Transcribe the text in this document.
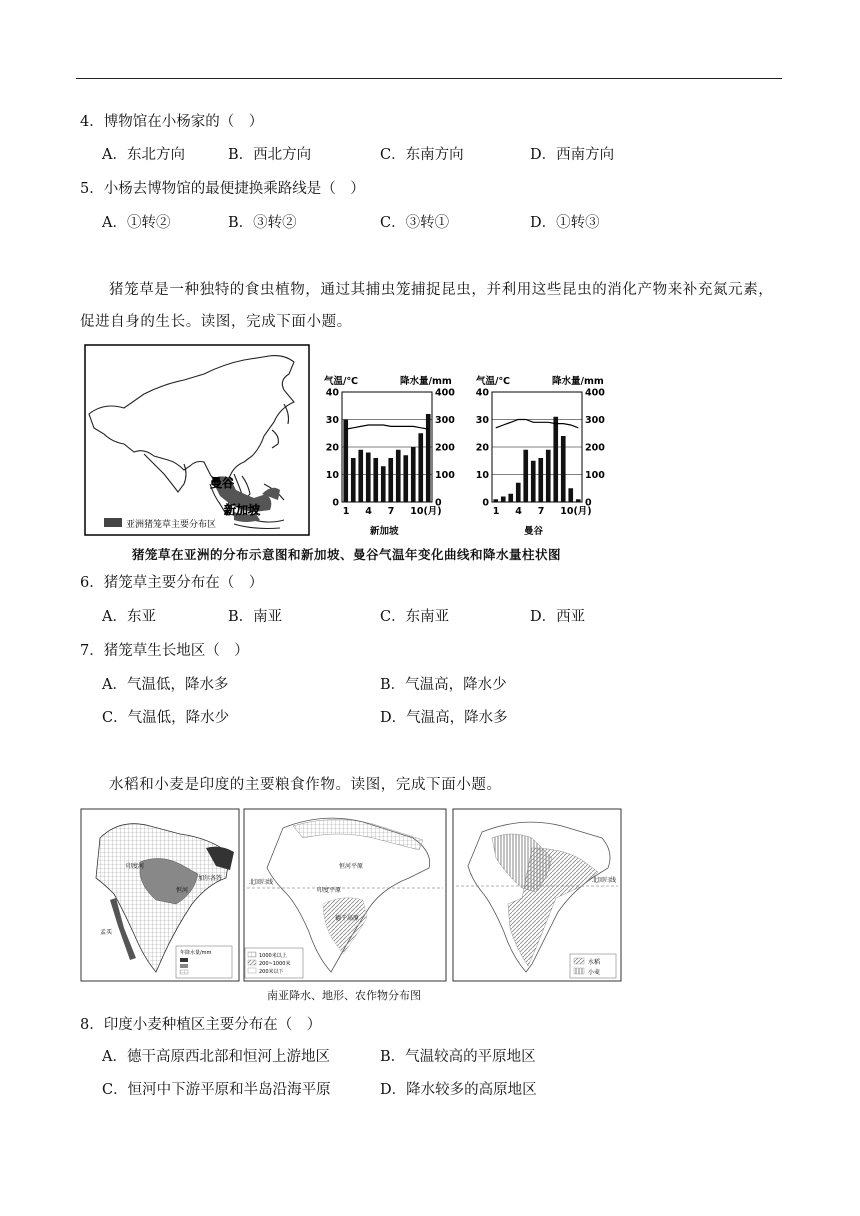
4．博物馆在小杨家的（　）
A．东北方向	B．西北方向	C．东南方向	D．西南方向
5．小杨去博物馆的最便捷换乘路线是（　）
A．①转②	B．③转②	C．③转①	D．①转③
猪笼草是一种独特的食虫植物，通过其捕虫笼捕捉昆虫，并利用这些昆虫的消化产物来补充氮元素，促进自身的生长。读图，完成下面小题。
曼谷
新加坡
亚洲猪笼草主要分布区
气温/℃	降水量/mm
40	400
30	300
20	200
10	100
0	0
1 4 7 10(月)
新加坡
气温/℃	降水量/mm
40	400
30	300
20	200
10	100
0	0
1 4 7 10(月)
曼谷
猪笼草在亚洲的分布示意图和新加坡、曼谷气温年变化曲线和降水量柱状图
6．猪笼草主要分布在（　）
A．东亚	B．南亚	C．东南亚	D．西亚
7．猪笼草生长地区（　）
A．气温低，降水多	B．气温高，降水少
C．气温低，降水少	D．气温高，降水多
水稻和小麦是印度的主要粮食作物。读图，完成下面小题。
印度河
恒河
孟买
加尔各答
年降水量/mm
北回归线
恒河平原
印度平原
德干高原
1000米以上
200~1000米
200米以下
北回归线
水稻
小麦
南亚降水、地形、农作物分布图
8．印度小麦种植区主要分布在（　）
A．德干高原西北部和恒河上游地区	B．气温较高的平原地区
C．恒河中下游平原和半岛沿海平原	D．降水较多的高原地区
